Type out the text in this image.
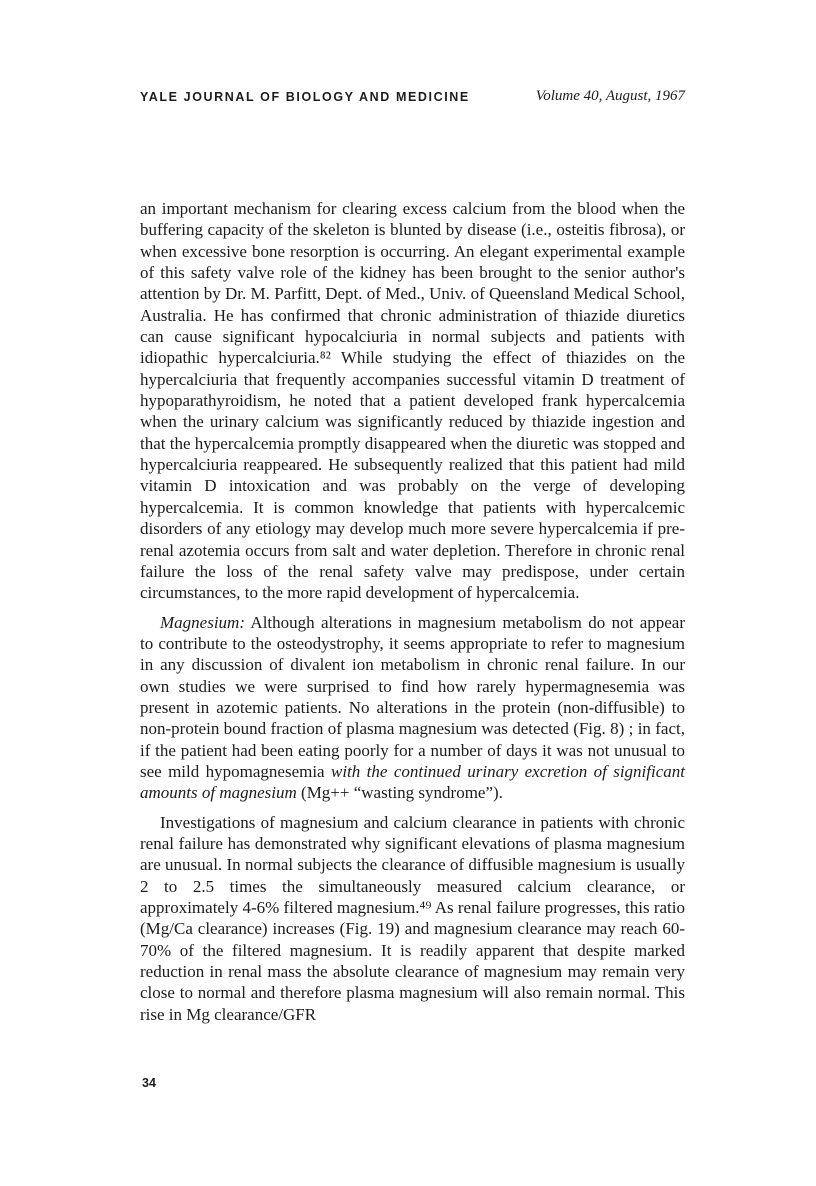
YALE JOURNAL OF BIOLOGY AND MEDICINE	Volume 40, August, 1967

an important mechanism for clearing excess calcium from the blood when the buffering capacity of the skeleton is blunted by disease (i.e., osteitis fibrosa), or when excessive bone resorption is occurring. An elegant experimental example of this safety valve role of the kidney has been brought to the senior author's attention by Dr. M. Parfitt, Dept. of Med., Univ. of Queensland Medical School, Australia. He has confirmed that chronic administration of thiazide diuretics can cause significant hypocalciuria in normal subjects and patients with idiopathic hypercalciuria.⁸² While studying the effect of thiazides on the hypercalciuria that frequently accompanies successful vitamin D treatment of hypoparathyroidism, he noted that a patient developed frank hypercalcemia when the urinary calcium was significantly reduced by thiazide ingestion and that the hypercalcemia promptly disappeared when the diuretic was stopped and hypercalciuria reappeared. He subsequently realized that this patient had mild vitamin D intoxication and was probably on the verge of developing hypercalcemia. It is common knowledge that patients with hypercalcemic disorders of any etiology may develop much more severe hypercalcemia if pre-renal azotemia occurs from salt and water depletion. Therefore in chronic renal failure the loss of the renal safety valve may predispose, under certain circumstances, to the more rapid development of hypercalcemia.

Magnesium: Although alterations in magnesium metabolism do not appear to contribute to the osteodystrophy, it seems appropriate to refer to magnesium in any discussion of divalent ion metabolism in chronic renal failure. In our own studies we were surprised to find how rarely hypermagnesemia was present in azotemic patients. No alterations in the protein (non-diffusible) to non-protein bound fraction of plasma magnesium was detected (Fig. 8) ; in fact, if the patient had been eating poorly for a number of days it was not unusual to see mild hypomagnesemia with the continued urinary excretion of significant amounts of magnesium (Mg++ “wasting syndrome”).

Investigations of magnesium and calcium clearance in patients with chronic renal failure has demonstrated why significant elevations of plasma magnesium are unusual. In normal subjects the clearance of diffusible magnesium is usually 2 to 2.5 times the simultaneously measured calcium clearance, or approximately 4-6% filtered magnesium.⁴⁹ As renal failure progresses, this ratio (Mg/Ca clearance) increases (Fig. 19) and magnesium clearance may reach 60-70% of the filtered magnesium. It is readily apparent that despite marked reduction in renal mass the absolute clearance of magnesium may remain very close to normal and therefore plasma magnesium will also remain normal. This rise in Mg clearance/GFR

34
